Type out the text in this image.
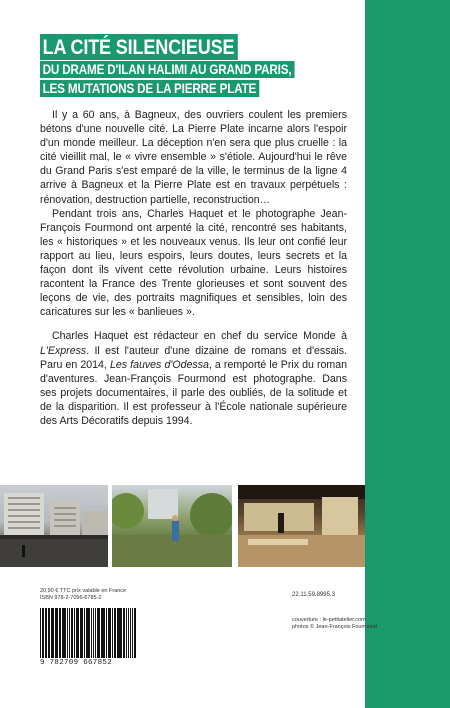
LA CITÉ SILENCIEUSE
DU DRAME D'ILAN HALIMI AU GRAND PARIS,
LES MUTATIONS DE LA PIERRE PLATE

Il y a 60 ans, à Bagneux, des ouvriers coulent les premiers bétons d'une nouvelle cité. La Pierre Plate incarne alors l'espoir d'un monde meilleur. La déception n'en sera que plus cruelle : la cité vieillit mal, le « vivre ensemble » s'étiole. Aujourd'hui le rêve du Grand Paris s'est emparé de la ville, le terminus de la ligne 4 arrive à Bagneux et la Pierre Plate est en travaux perpétuels : rénovation, destruction partielle, reconstruction…

Pendant trois ans, Charles Haquet et le photographe Jean-François Fourmond ont arpenté la cité, rencontré ses habitants, les « historiques » et les nouveaux venus. Ils leur ont confié leur rapport au lieu, leurs espoirs, leurs doutes, leurs secrets et la façon dont ils vivent cette révolution urbaine. Leurs histoires racontent la France des Trente glorieuses et sont souvent des leçons de vie, des portraits magnifiques et sensibles, loin des caricatures sur les « banlieues ».

Charles Haquet est rédacteur en chef du service Monde à L'Express. Il est l'auteur d'une dizaine de romans et d'essais. Paru en 2014, Les fauves d'Odessa, a remporté le Prix du roman d'aventures. Jean-François Fourmond est photographe. Dans ses projets documentaires, il parle des oubliés, de la solitude et de la disparition. Il est professeur à l'École nationale supérieure des Arts Décoratifs depuis 1994.

20,90 € TTC prix valable en France
ISBN 978-2-7096-6785-2
9 782709 667852
22.11.59.8995.3
couverture : le-petitatelier.com
photos © Jean-François Fourmond
